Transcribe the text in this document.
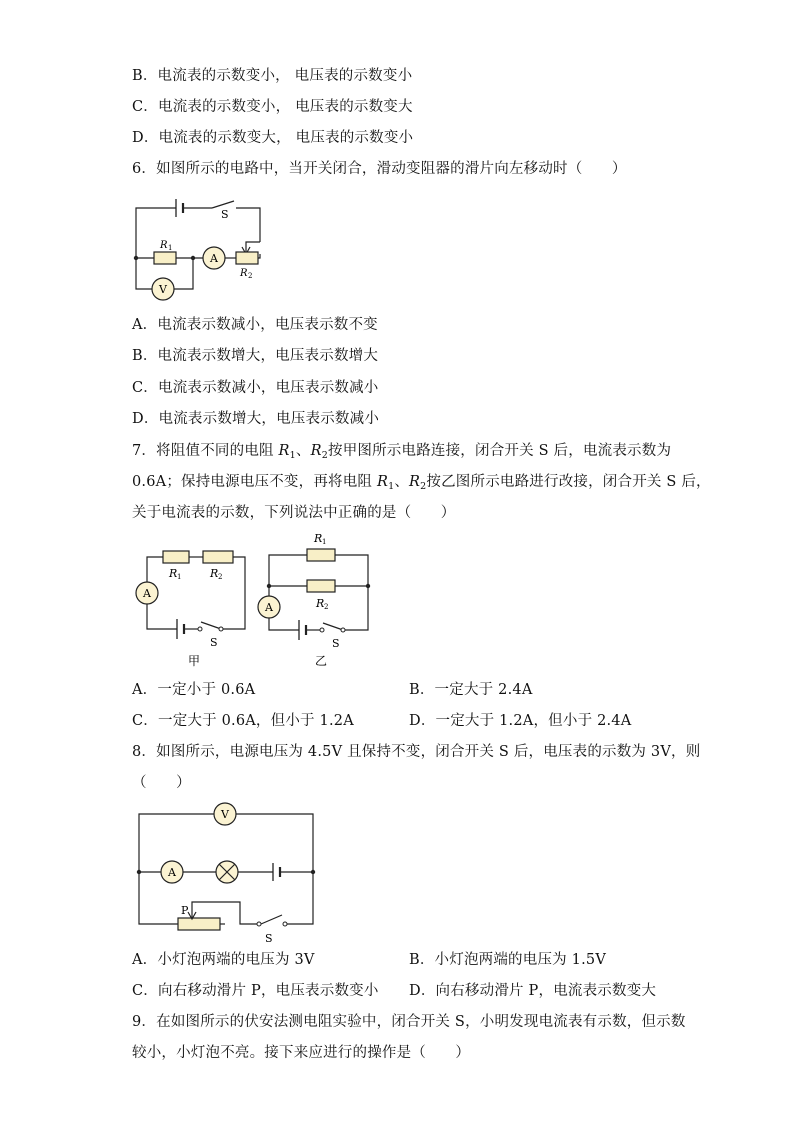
B．电流表的示数变小， 电压表的示数变小
C．电流表的示数变小， 电压表的示数变大
D．电流表的示数变大， 电压表的示数变小
6．如图所示的电路中，当开关闭合，滑动变阻器的滑片向左移动时（　　）
S
R 1
R 2
A
V
A．电流表示数减小，电压表示数不变
B．电流表示数增大，电压表示数增大
C．电流表示数减小，电压表示数减小
D．电流表示数增大，电压表示数减小
7．将阻值不同的电阻 $R_1$、$R_2$按甲图所示电路连接，闭合开关 S 后，电流表示数为
0.6A；保持电源电压不变，再将电阻 $R_1$、$R_2$按乙图所示电路进行改接，闭合开关 S 后，
关于电流表的示数，下列说法中正确的是（　　）
A
R 1	R 2
S
甲
A
R 1
R 2
S
乙
A．一定小于 0.6A	B．一定大于 2.4A
C．一定大于 0.6A，但小于 1.2A	D．一定大于 1.2A，但小于 2.4A
8．如图所示，电源电压为 4.5V 且保持不变，闭合开关 S 后，电压表的示数为 3V，则
（　　）
V
A
P
S
A．小灯泡两端的电压为 3V	B．小灯泡两端的电压为 1.5V
C．向右移动滑片 P，电压表示数变小 D．向右移动滑片 P，电流表示数变大
9．在如图所示的伏安法测电阻实验中，闭合开关 S，小明发现电流表有示数，但示数
较小，小灯泡不亮。接下来应进行的操作是（　　）
